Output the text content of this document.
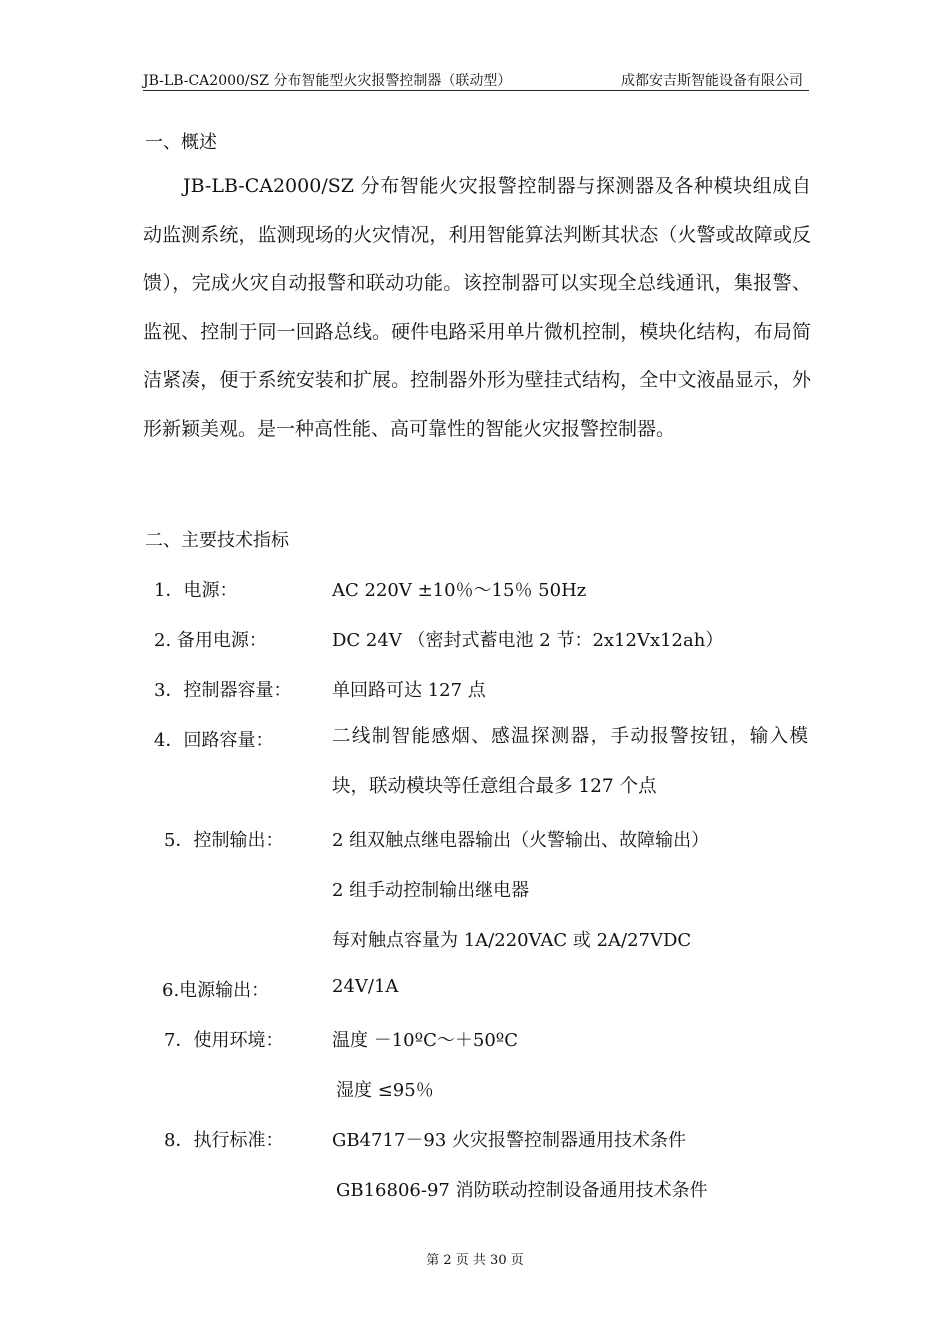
JB-LB-CA2000/SZ 分布智能型火灾报警控制器（联动型）	成都安吉斯智能设备有限公司
一、概述
JB-LB-CA2000/SZ 分布智能火灾报警控制器与探测器及各种模块组成自动监测系统，监测现场的火灾情况，利用智能算法判断其状态（火警或故障或反馈），完成火灾自动报警和联动功能。该控制器可以实现全总线通讯，集报警、监视、控制于同一回路总线。硬件电路采用单片微机控制，模块化结构，布局简洁紧凑，便于系统安装和扩展。控制器外形为壁挂式结构，全中文液晶显示，外形新颖美观。是一种高性能、高可靠性的智能火灾报警控制器。
二、主要技术指标
1．电源：	AC 220V ±10％～15％ 50Hz
2. 备用电源：	DC 24V （密封式蓄电池 2 节：2x12Vx12ah）
3．控制器容量： 单回路可达 127 点
4．回路容量：	二线制智能感烟、感温探测器，手动报警按钮，输入模块，联动模块等任意组合最多 127 个点
5．控制输出：	2 组双触点继电器输出（火警输出、故障输出）
2 组手动控制输出继电器
每对触点容量为 1A/220VAC 或 2A/27VDC
6.电源输出：	24V/1A
7．使用环境：	温度 －10ºC～＋50ºC
湿度 ≤95％
8．执行标准：	GB4717－93 火灾报警控制器通用技术条件
GB16806-97 消防联动控制设备通用技术条件
第 2 页 共 30 页
